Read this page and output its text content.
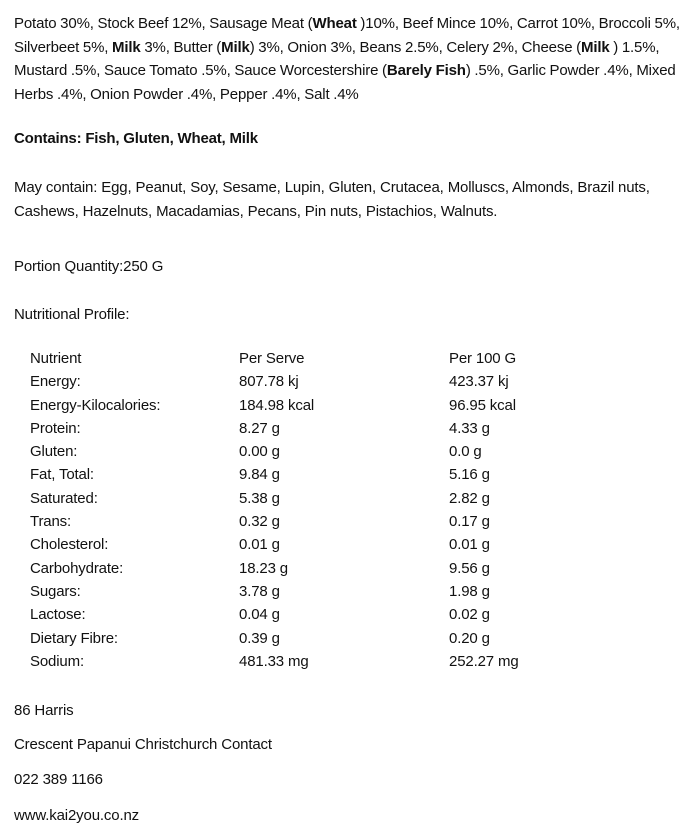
Potato 30%, Stock Beef 12%, Sausage Meat (Wheat )10%, Beef Mince 10%, Carrot 10%, Broccoli 5%, Silverbeet 5%, Milk 3%, Butter (Milk) 3%, Onion 3%, Beans 2.5%, Celery 2%, Cheese (Milk ) 1.5%, Mustard .5%, Sauce Tomato .5%, Sauce Worcestershire (Barely Fish) .5%, Garlic Powder .4%, Mixed Herbs .4%, Onion Powder .4%, Pepper .4%, Salt .4%

Contains: Fish, Gluten, Wheat, Milk

May contain: Egg, Peanut, Soy, Sesame, Lupin, Gluten, Crutacea, Molluscs, Almonds, Brazil nuts, Cashews, Hazelnuts, Macadamias, Pecans, Pin nuts, Pistachios, Walnuts.

Portion Quantity:250 G

Nutritional Profile:

Nutrient	Per Serve	Per 100 G
Energy:	807.78 kj	423.37 kj
Energy-Kilocalories:	184.98 kcal	96.95 kcal
Protein:	8.27 g	4.33 g
Gluten:	0.00 g	0.0 g
Fat, Total:	9.84 g	5.16 g
Saturated:	5.38 g	2.82 g
Trans:	0.32 g	0.17 g
Cholesterol:	0.01 g	0.01 g
Carbohydrate:	18.23 g	9.56 g
Sugars:	3.78 g	1.98 g
Lactose:	0.04 g	0.02 g
Dietary Fibre:	0.39 g	0.20 g
Sodium:	481.33 mg	252.27 mg

86 Harris

Crescent Papanui Christchurch Contact

022 389 1166

www.kai2you.co.nz
